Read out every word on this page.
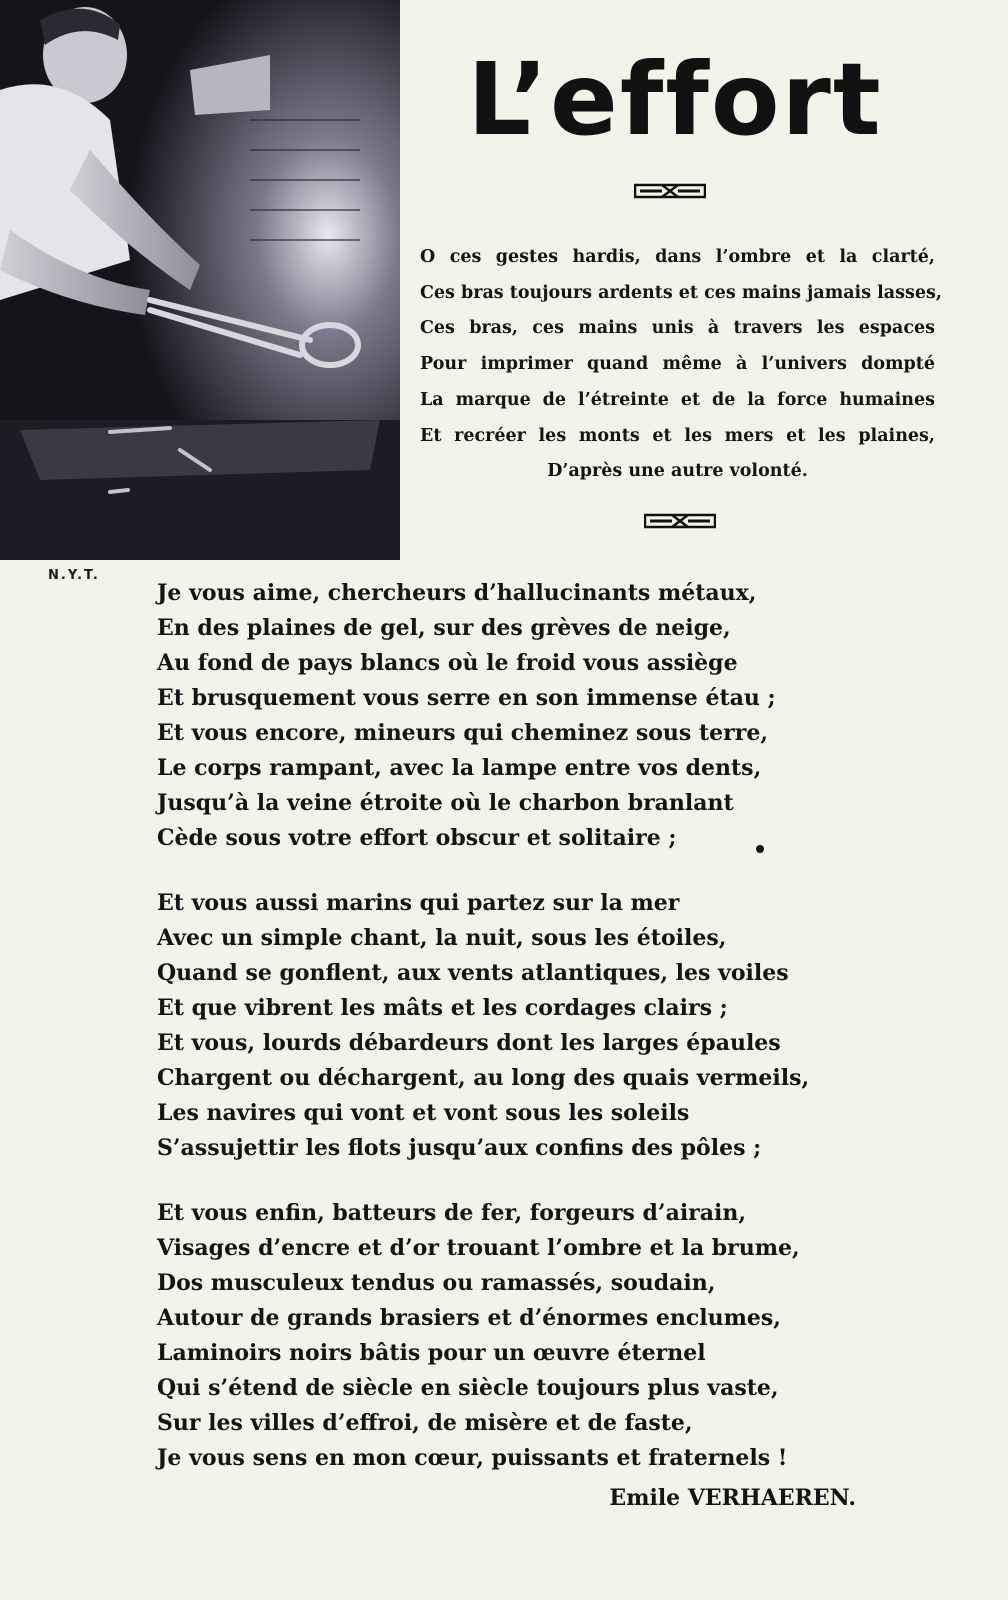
N.Y.T.
L’effort
O ces gestes hardis, dans l’ombre et la clarté,
Ces bras toujours ardents et ces mains jamais lasses,
Ces bras, ces mains unis à travers les espaces
Pour imprimer quand même à l’univers dompté
La marque de l’étreinte et de la force humaines
Et recréer les monts et les mers et les plaines,
D’après une autre volonté.
Je vous aime, chercheurs d’hallucinants métaux,
En des plaines de gel, sur des grèves de neige,
Au fond de pays blancs où le froid vous assiège
Et brusquement vous serre en son immense étau ;
Et vous encore, mineurs qui cheminez sous terre,
Le corps rampant, avec la lampe entre vos dents,
Jusqu’à la veine étroite où le charbon branlant
Cède sous votre effort obscur et solitaire ;
Et vous aussi marins qui partez sur la mer
Avec un simple chant, la nuit, sous les étoiles,
Quand se gonflent, aux vents atlantiques, les voiles
Et que vibrent les mâts et les cordages clairs ;
Et vous, lourds débardeurs dont les larges épaules
Chargent ou déchargent, au long des quais vermeils,
Les navires qui vont et vont sous les soleils
S’assujettir les flots jusqu’aux confins des pôles ;
Et vous enfin, batteurs de fer, forgeurs d’airain,
Visages d’encre et d’or trouant l’ombre et la brume,
Dos musculeux tendus ou ramassés, soudain,
Autour de grands brasiers et d’énormes enclumes,
Laminoirs noirs bâtis pour un œuvre éternel
Qui s’étend de siècle en siècle toujours plus vaste,
Sur les villes d’effroi, de misère et de faste,
Je vous sens en mon cœur, puissants et fraternels !
Emile VERHAEREN.
